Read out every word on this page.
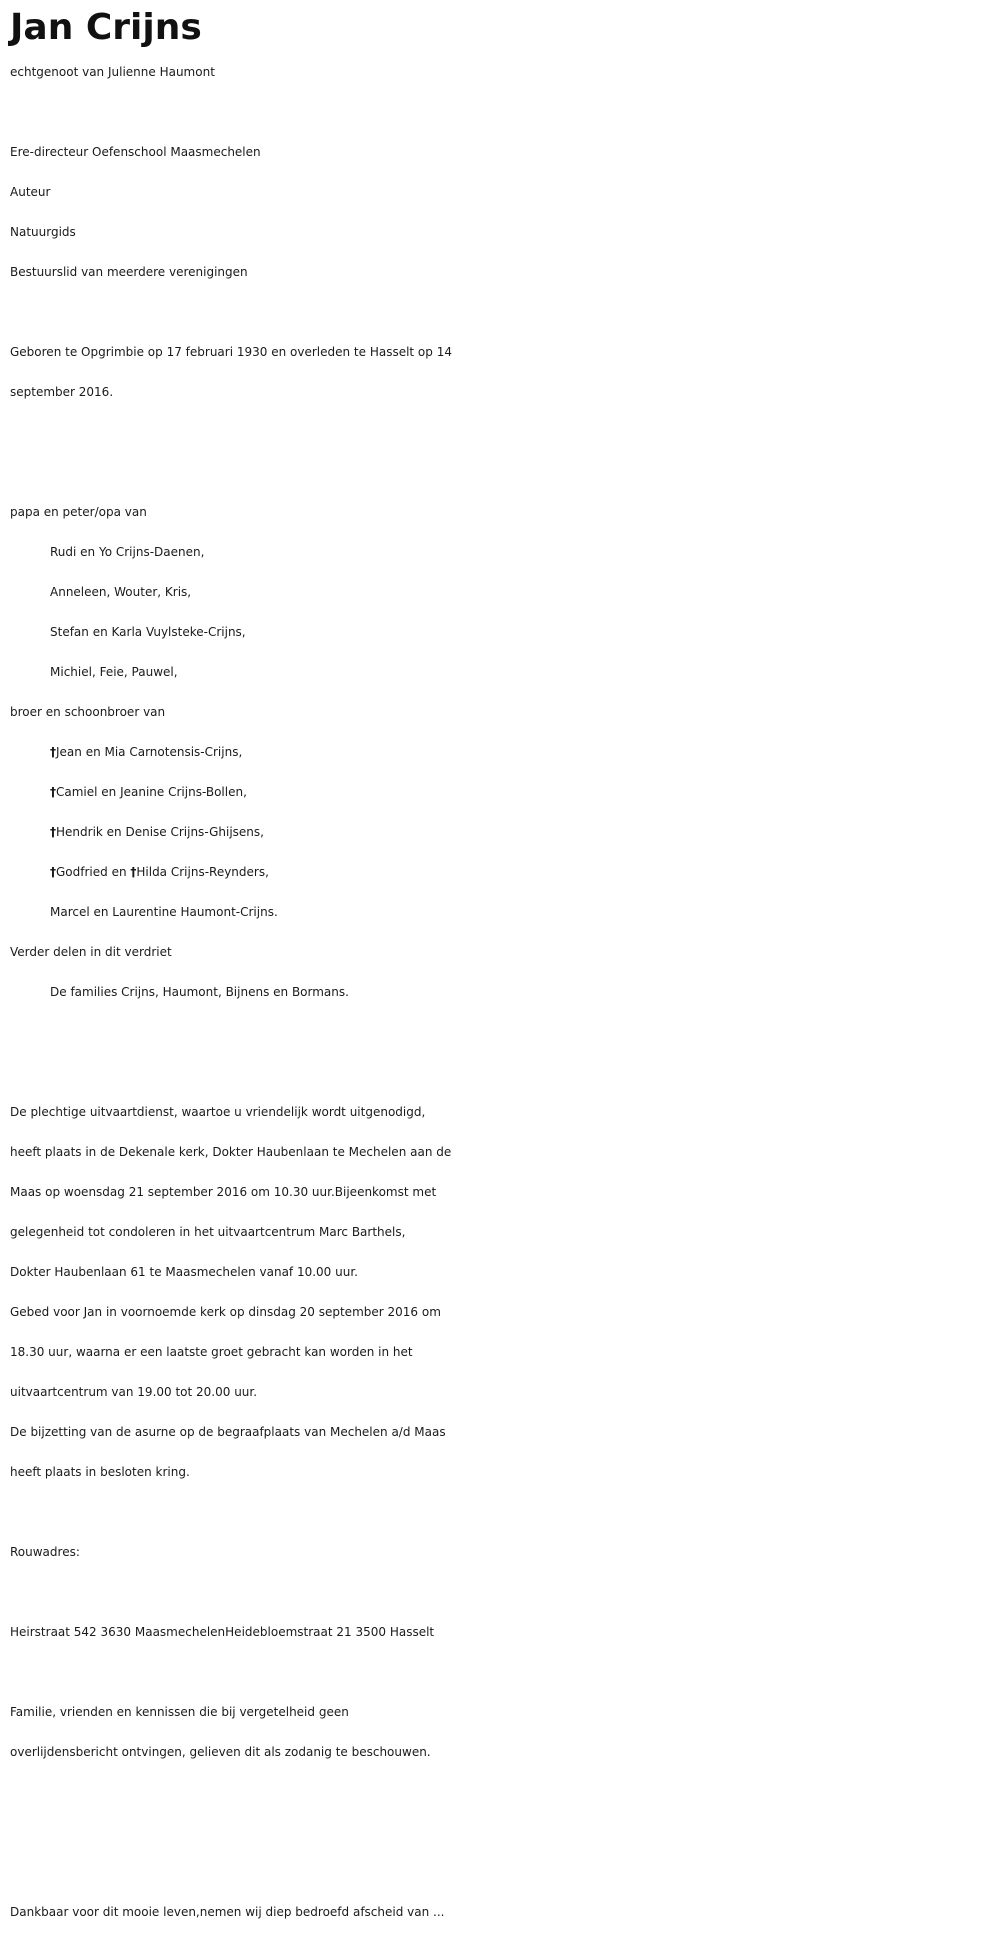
Jan Crijns

echtgenoot van Julienne Haumont

Ere-directeur Oefenschool Maasmechelen

Auteur

Natuurgids

Bestuurslid van meerdere verenigingen

Geboren te Opgrimbie op 17 februari 1930 en overleden te Hasselt op 14

september 2016.

papa en peter/opa van

Rudi en Yo Crijns-Daenen,

Anneleen, Wouter, Kris,

Stefan en Karla Vuylsteke-Crijns,

Michiel, Feie, Pauwel,

broer en schoonbroer van

†Jean en Mia Carnotensis-Crijns,

†Camiel en Jeanine Crijns-Bollen,

†Hendrik en Denise Crijns-Ghijsens,

†Godfried en †Hilda Crijns-Reynders,

Marcel en Laurentine Haumont-Crijns.

Verder delen in dit verdriet

De families Crijns, Haumont, Bijnens en Bormans.

De plechtige uitvaartdienst, waartoe u vriendelijk wordt uitgenodigd,

heeft plaats in de Dekenale kerk, Dokter Haubenlaan te Mechelen aan de

Maas op woensdag 21 september 2016 om 10.30 uur.Bijeenkomst met

gelegenheid tot condoleren in het uitvaartcentrum Marc Barthels,

Dokter Haubenlaan 61 te Maasmechelen vanaf 10.00 uur.

Gebed voor Jan in voornoemde kerk op dinsdag 20 september 2016 om

18.30 uur, waarna er een laatste groet gebracht kan worden in het

uitvaartcentrum van 19.00 tot 20.00 uur.

De bijzetting van de asurne op de begraafplaats van Mechelen a/d Maas

heeft plaats in besloten kring.

Rouwadres:

Heirstraat 542 3630 MaasmechelenHeidebloemstraat 21 3500 Hasselt

Familie, vrienden en kennissen die bij vergetelheid geen

overlijdensbericht ontvingen, gelieven dit als zodanig te beschouwen.

Dankbaar voor dit mooie leven,nemen wij diep bedroefd afscheid van ...
